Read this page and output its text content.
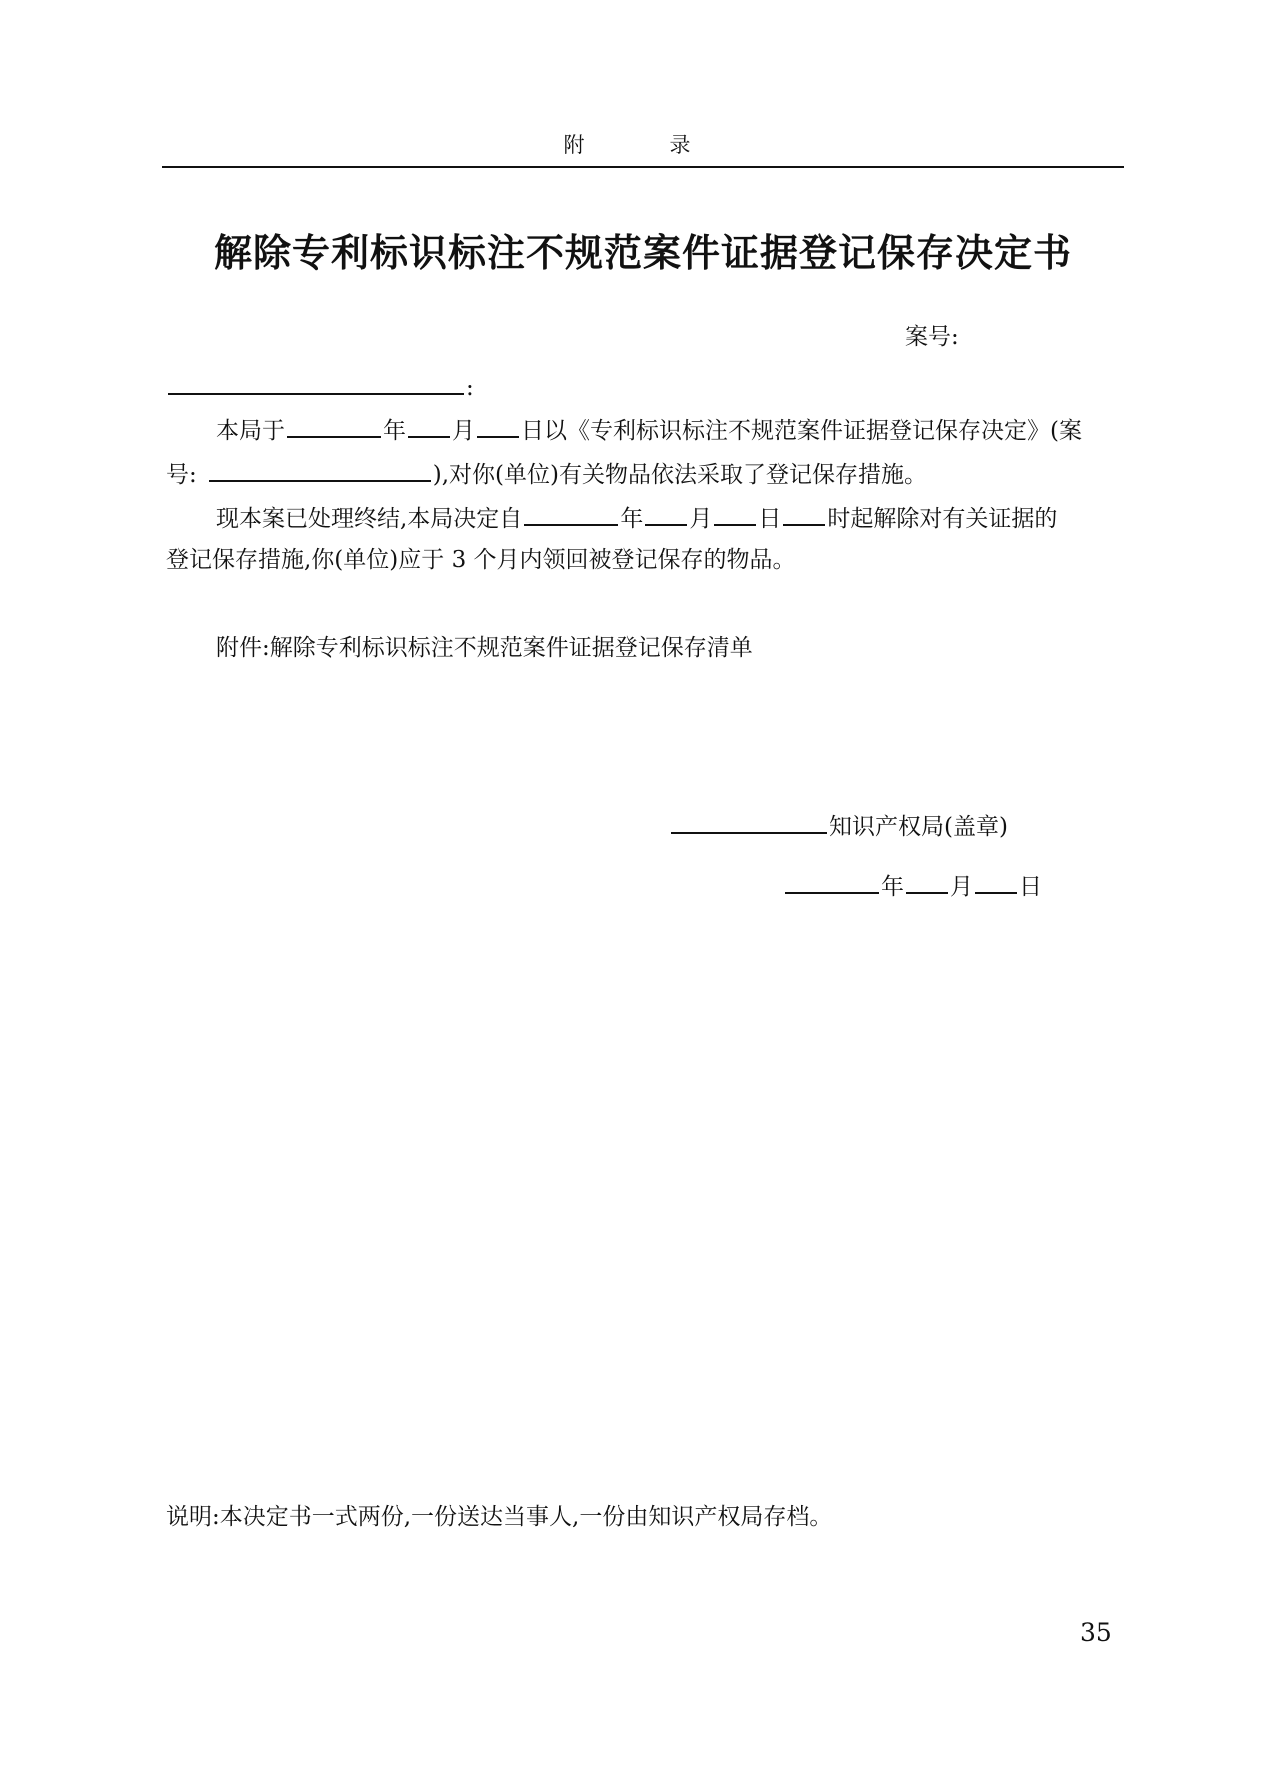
附　录
解除专利标识标注不规范案件证据登记保存决定书
案号:
:
本局于	年 月 日以《专利标识标注不规范案件证据登记保存决定》(案
号:	),对你(单位)有关物品依法采取了登记保存措施。
现本案已处理终结,本局决定自	年 月 日 时起解除对有关证据的
登记保存措施,你(单位)应于 3 个月内领回被登记保存的物品。
附件:解除专利标识标注不规范案件证据登记保存清单
知识产权局(盖章)
年 月 日
说明:本决定书一式两份,一份送达当事人,一份由知识产权局存档。
35
